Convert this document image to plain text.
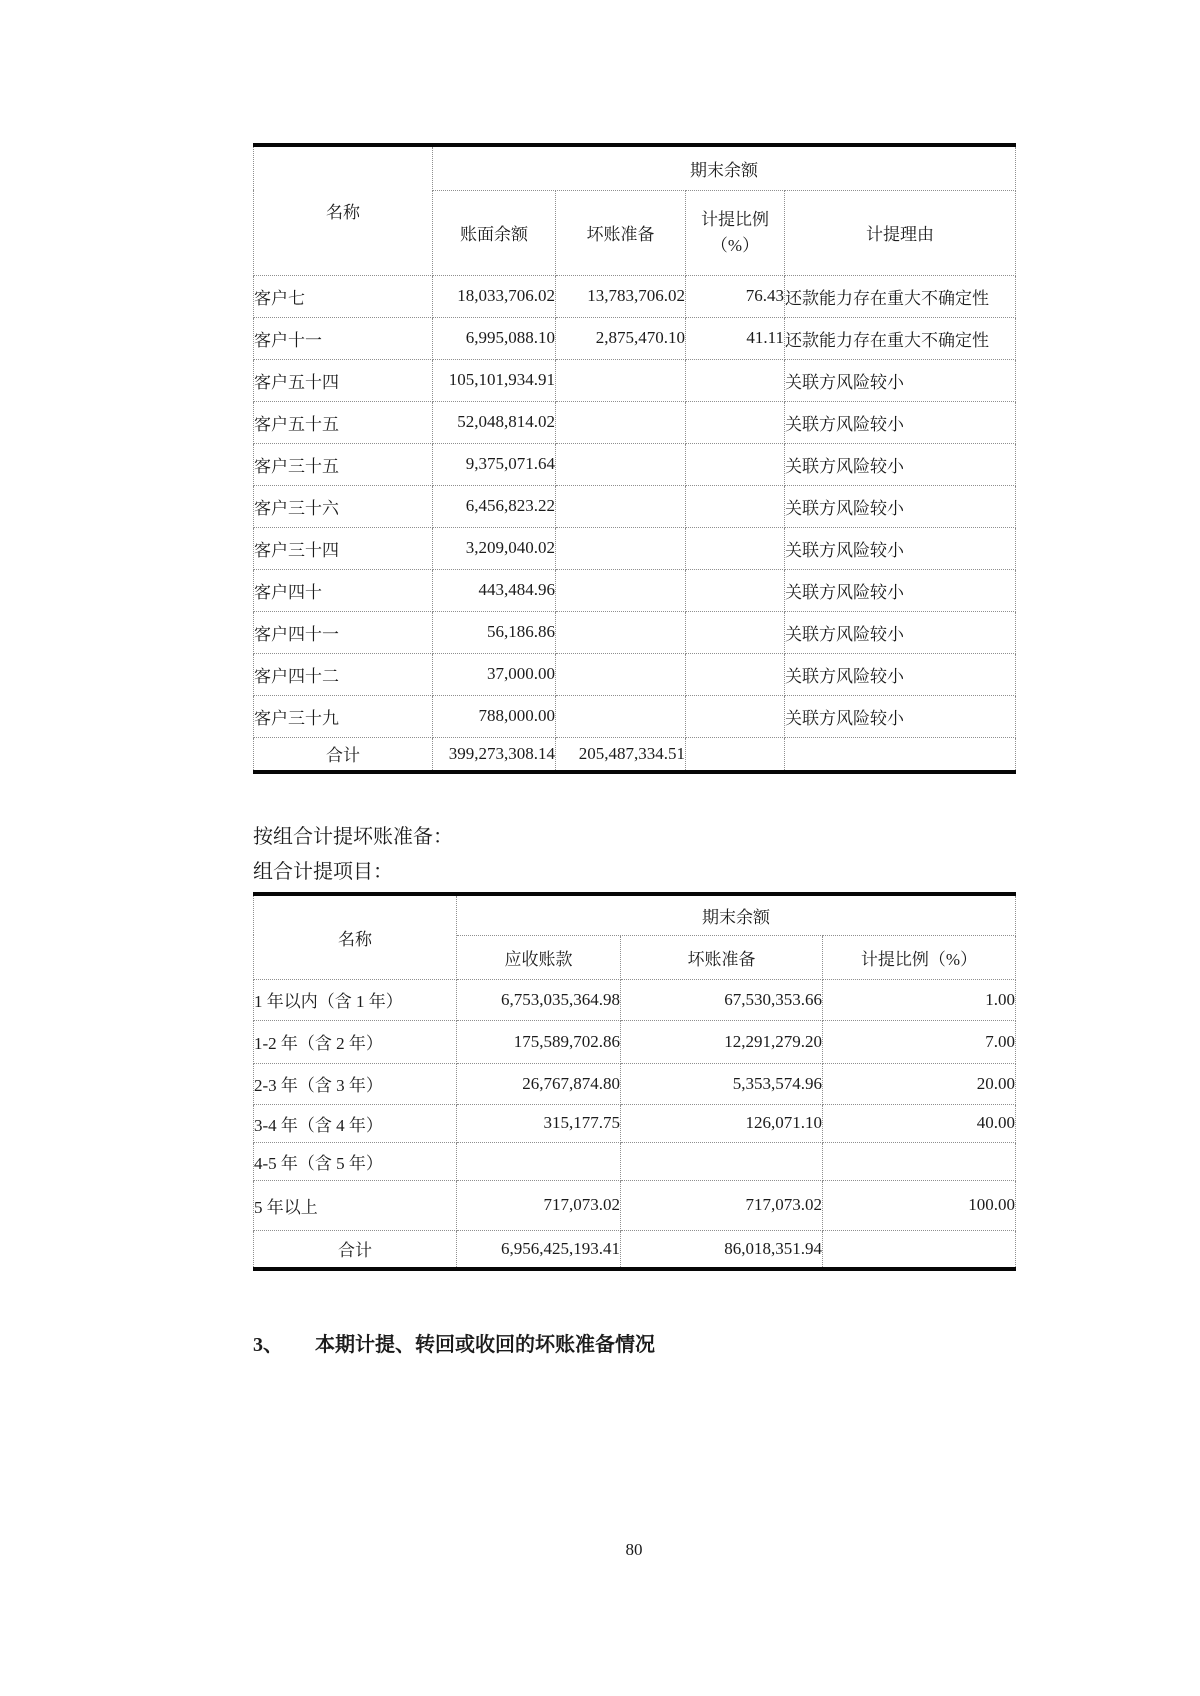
名称	期末余额			
	账面余额	坏账准备	计提比例
（%）	计提理由
客户七	18,033,706.02	13,783,706.02	76.43	还款能力存在重大不确定性
客户十一	6,995,088.10	2,875,470.10	41.11	还款能力存在重大不确定性
客户五十四	105,101,934.91			关联方风险较小
客户五十五	52,048,814.02			关联方风险较小
客户三十五	9,375,071.64			关联方风险较小
客户三十六	6,456,823.22			关联方风险较小
客户三十四	3,209,040.02			关联方风险较小
客户四十	443,484.96			关联方风险较小
客户四十一	56,186.86			关联方风险较小
客户四十二	37,000.00			关联方风险较小
客户三十九	788,000.00			关联方风险较小
合计	399,273,308.14	205,487,334.51		
按组合计提坏账准备：
组合计提项目：
名称	期末余额		
	应收账款	坏账准备	计提比例（%）
1 年以内（含 1 年）	6,753,035,364.98	67,530,353.66	1.00
1-2 年（含 2 年）	175,589,702.86	12,291,279.20	7.00
2-3 年（含 3 年）	26,767,874.80	5,353,574.96	20.00
3-4 年（含 4 年）	315,177.75	126,071.10	40.00
4-5 年（含 5 年）			
5 年以上	717,073.02	717,073.02	100.00
合计	6,956,425,193.41	86,018,351.94	
3、	本期计提、转回或收回的坏账准备情况
80
